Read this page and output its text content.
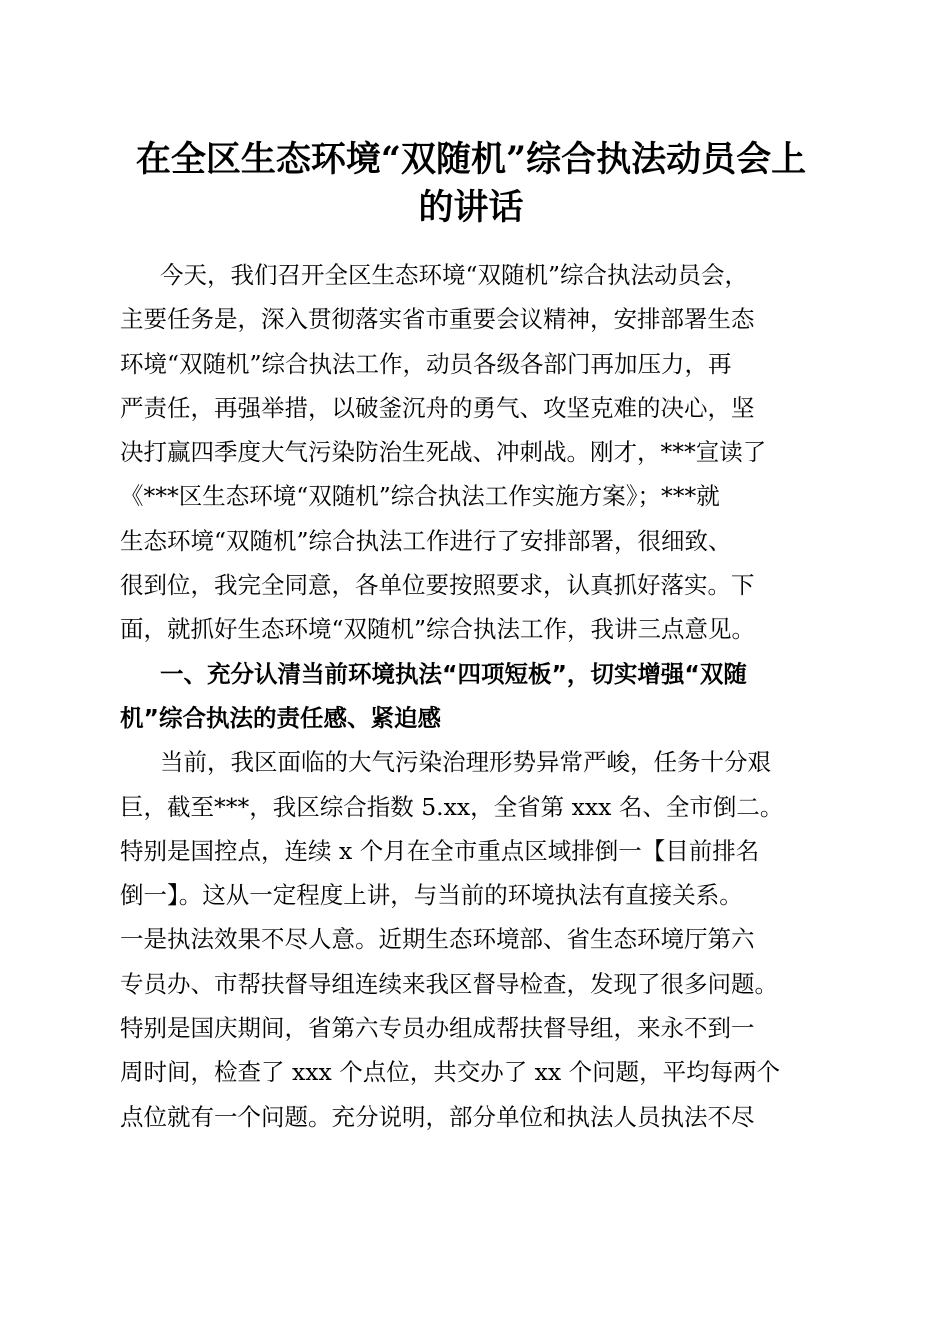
在全区生态环境“双随机”综合执法动员会上
的讲话
今天，我们召开全区生态环境“双随机”综合执法动员会，
主要任务是，深入贯彻落实省市重要会议精神，安排部署生态
环境“双随机”综合执法工作，动员各级各部门再加压力，再
严责任，再强举措，以破釜沉舟的勇气、攻坚克难的决心，坚
决打赢四季度大气污染防治生死战、冲刺战。刚才，***宣读了
《***区生态环境“双随机”综合执法工作实施方案》；***就
生态环境“双随机”综合执法工作进行了安排部署，很细致、
很到位，我完全同意，各单位要按照要求，认真抓好落实。下
面，就抓好生态环境“双随机”综合执法工作，我讲三点意见。
一、充分认清当前环境执法“四项短板”，切实增强“双随
机”综合执法的责任感、紧迫感
当前，我区面临的大气污染治理形势异常严峻，任务十分艰
巨，截至***，我区综合指数 5.xx，全省第 xxx 名、全市倒二。
特别是国控点，连续 x 个月在全市重点区域排倒一【目前排名
倒一】。这从一定程度上讲，与当前的环境执法有直接关系。
一是执法效果不尽人意。近期生态环境部、省生态环境厅第六
专员办、市帮扶督导组连续来我区督导检查，发现了很多问题。
特别是国庆期间，省第六专员办组成帮扶督导组，来永不到一
周时间，检查了 xxx 个点位，共交办了 xx 个问题，平均每两个
点位就有一个问题。充分说明，部分单位和执法人员执法不尽
